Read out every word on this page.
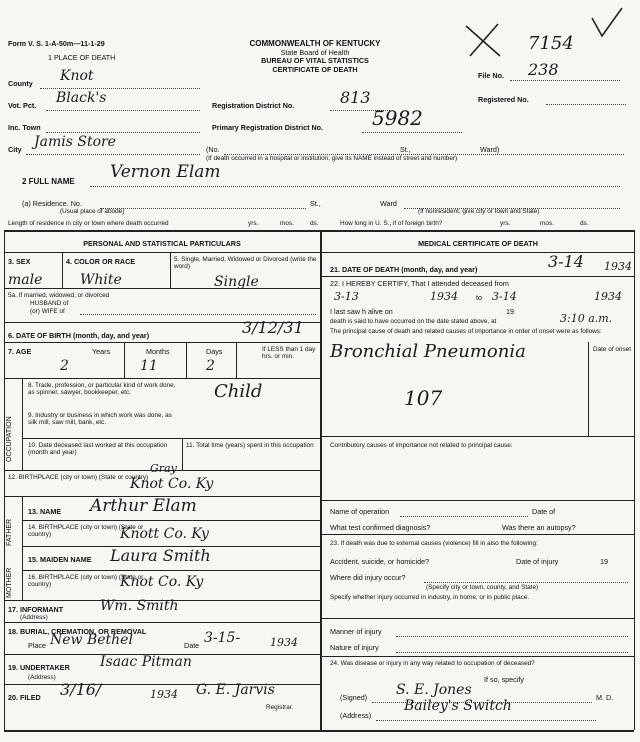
Form V. S. 1-A-50m—11-1-29
1 PLACE OF DEATH
COMMONWEALTH OF KENTUCKY
State Board of Health
BUREAU OF VITAL STATISTICS
CERTIFICATE OF DEATH
7154
File No. 238
Registered No.
County Knot
Vot. Pct. Black's	Registration District No.	813
Inc. Town	Primary Registration District No. 5982
City Jamis Store	(No.	St.,	Ward)
(If death occurred in a hospital or institution, give its NAME instead of street and number)
2 FULL NAME Vernon Elam
(a) Residence. No.	St.,	Ward
(Usual place of abode)	(If nonresident, give city or town and State)
Length of residence in city or town where death occurred	yrs.	mos.	ds.	How long in U. S., if of foreign birth?	yrs.	mos.	ds.
PERSONAL AND STATISTICAL PARTICULARS
3. SEX	4. COLOR OR RACE	5. Single, Married, Widowed or Divorced (write the word)
male	White	Single
5a. If married, widowed, or divorced
HUSBAND of
(or) WIFE of
6. DATE OF BIRTH (month, day, and year)	3/12/31
7. AGE	Years	Months	Days	If LESS than 1 day hrs. or min.
2	11	2
OCCUPATION
8. Trade, profession, or particular kind of work done, as spinner, sawyer, bookkeeper, etc.	Child
9. Industry or business in which work was done, as silk mill, saw mill, bank, etc.
10. Date deceased last worked at this occupation (month and year)
11. Total time (years) spent in this occupation
12. BIRTHPLACE (city or town) (State or country)
Gray
Knot Co. Ky
FATHER
MOTHER
13. NAME Arthur Elam
14. BIRTHPLACE (city or town) (State or country)	Knott Co. Ky
15. MAIDEN NAME Laura Smith
16. BIRTHPLACE (city or town) (State or country)	Knot Co. Ky
17. INFORMANT
(Address)
Wm. Smith
18. BURIAL, CREMATION, OR REMOVAL
Place New Bethel	Date 3-15-	1934
19. UNDERTAKER Isaac Pitman
(Address)
20. FILED 3/16/	1934 G. E. Jarvis
Registrar.
MEDICAL CERTIFICATE OF DEATH
21. DATE OF DEATH (month, day, and year)	3-14 1934
22. I HEREBY CERTIFY, That I attended deceased from
3-13	1934	to 3-14	1934
I last saw h alive on	19
death is said to have occurred on the date stated above, at	3:10 a.m.
The principal cause of death and related causes of importance in order of onset were as follows:
Date of onset
Bronchial Pneumonia
107
Contributory causes of importance not related to principal cause:
Name of operation	Date of
What test confirmed diagnosis?	Was there an autopsy?
23. If death was due to external causes (violence) fill in also the following:
Accident, suicide, or homicide?	Date of injury	19
Where did injury occur?
(Specify city or town, county, and State)
Specify whether injury occurred in industry, in home, or in public place.
Manner of injury
Nature of injury
24. Was disease or injury in any way related to occupation of deceased?
If so, specify
(Signed) S. E. Jones	M. D.
(Address)
Bailey's Switch
